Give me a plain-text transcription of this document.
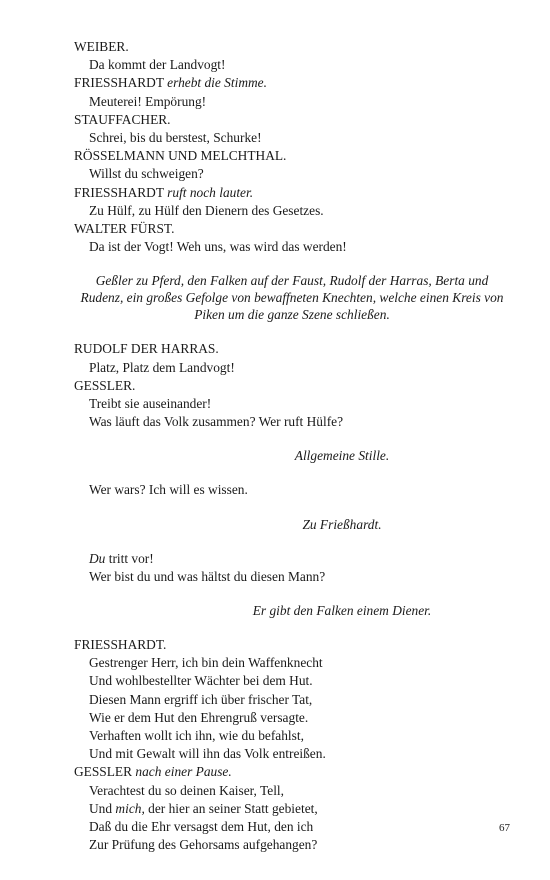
WEIBER.
Da kommt der Landvogt!
FRIESSHARDT erhebt die Stimme.
Meuterei! Empörung!
STAUFFACHER.
Schrei, bis du berstest, Schurke!
RÖSSELMANN UND MELCHTHAL.
Willst du schweigen?
FRIESSHARDT ruft noch lauter.
Zu Hülf, zu Hülf den Dienern des Gesetzes.
WALTER FÜRST.
Da ist der Vogt! Weh uns, was wird das werden!
Geßler zu Pferd, den Falken auf der Faust, Rudolf der Harras, Berta und Rudenz, ein großes Gefolge von bewaffneten Knechten, welche einen Kreis von Piken um die ganze Szene schließen.
RUDOLF DER HARRAS.
Platz, Platz dem Landvogt!
GESSLER.
Treibt sie auseinander!
Was läuft das Volk zusammen? Wer ruft Hülfe?
Allgemeine Stille.
Wer wars? Ich will es wissen.
Zu Frießhardt.
Du tritt vor!
Wer bist du und was hältst du diesen Mann?
Er gibt den Falken einem Diener.
FRIESSHARDT.
Gestrenger Herr, ich bin dein Waffenknecht
Und wohlbestellter Wächter bei dem Hut.
Diesen Mann ergriff ich über frischer Tat,
Wie er dem Hut den Ehrengruß versagte.
Verhaften wollt ich ihn, wie du befahlst,
Und mit Gewalt will ihn das Volk entreißen.
GESSLER nach einer Pause.
Verachtest du so deinen Kaiser, Tell,
Und mich, der hier an seiner Statt gebietet,
Daß du die Ehr versagst dem Hut, den ich
Zur Prüfung des Gehorsams aufgehangen?
67
